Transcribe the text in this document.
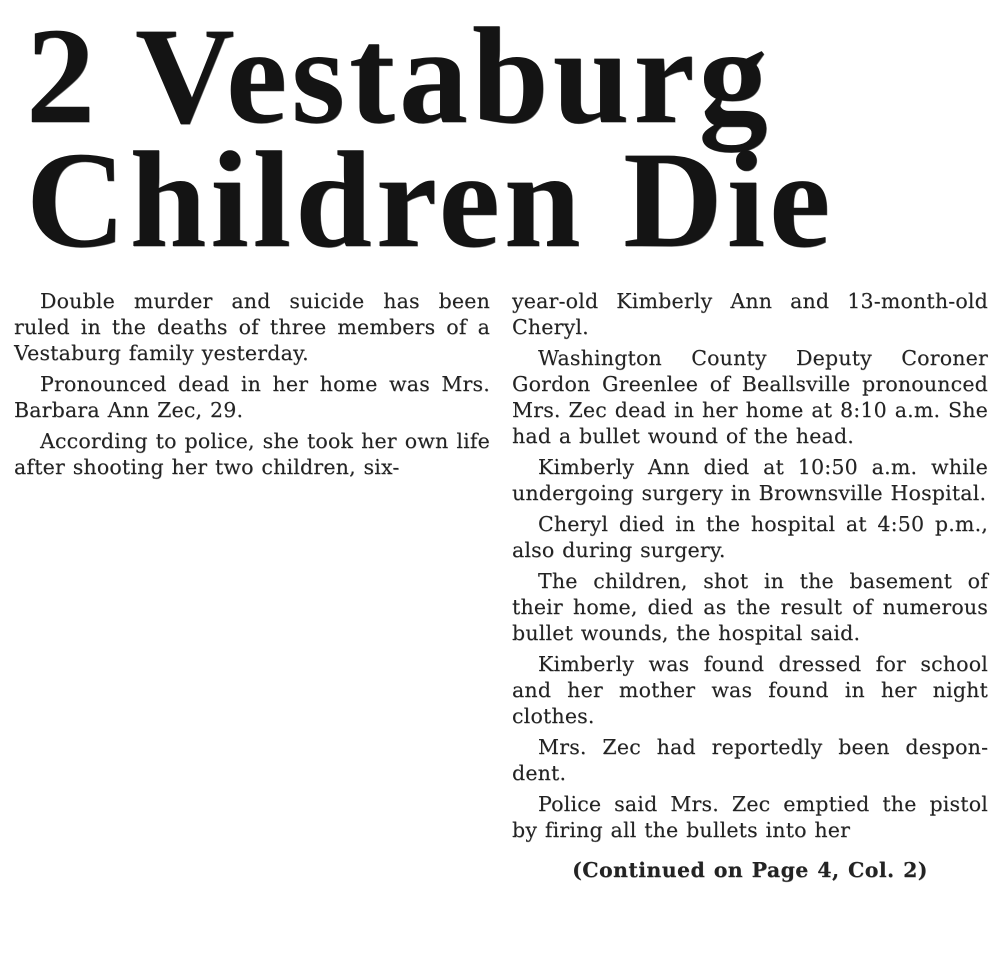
2 Vestaburg
Children Die

Double murder and suicide has been ruled in the deaths of three members of a Vestaburg family yesterday.

Pronounced dead in her home was Mrs. Barbara Ann Zec, 29.

According to police, she took her own life after shooting her two children, six-

year-old Kimberly Ann and 13-month-old Cheryl.

Washington County Deputy Coroner Gordon Greenlee of Beallsville pronounced Mrs. Zec dead in her home at 8:10 a.m. She had a bullet wound of the head.

Kimberly Ann died at 10:50 a.m. while undergoing surgery in Brownsville Hospital.

Cheryl died in the hospital at 4:50 p.m., also during surgery.

The children, shot in the basement of their home, died as the result of numerous bullet wounds, the hospital said.

Kimberly was found dressed for school and her mother was found in her night clothes.

Mrs. Zec had reportedly been despondent.

Police said Mrs. Zec emptied the pistol by firing all the bullets into her

(Continued on Page 4, Col. 2)
